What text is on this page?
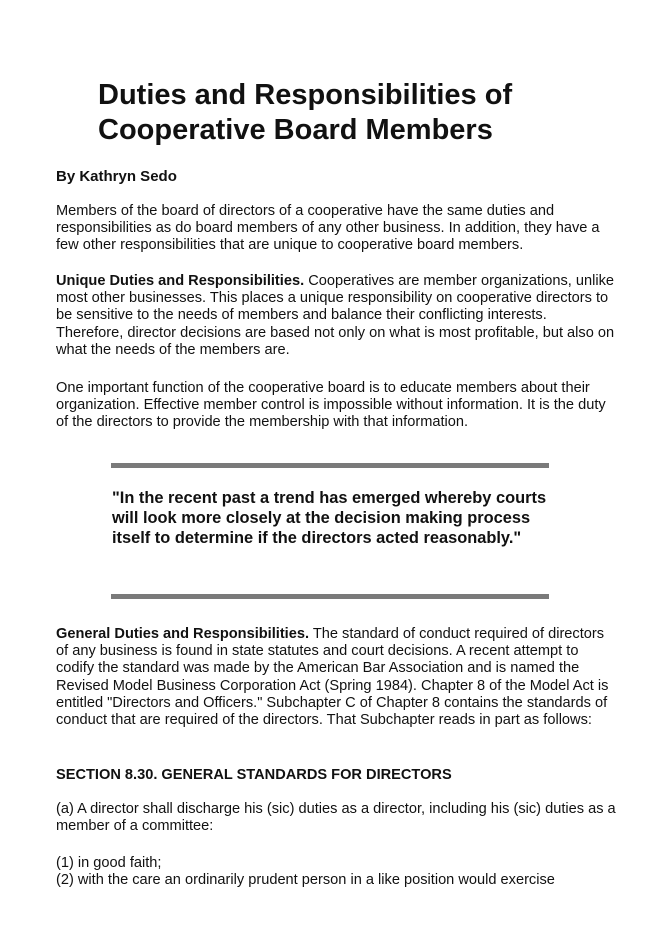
Duties and Responsibilities of Cooperative Board Members

By Kathryn Sedo

Members of the board of directors of a cooperative have the same duties and responsibilities as do board members of any other business. In addition, they have a few other responsibilities that are unique to cooperative board members.

Unique Duties and Responsibilities. Cooperatives are member organizations, unlike most other businesses. This places a unique responsibility on cooperative directors to be sensitive to the needs of members and balance their conflicting interests. Therefore, director decisions are based not only on what is most profitable, but also on what the needs of the members are.

One important function of the cooperative board is to educate members about their organization. Effective member control is impossible without information. It is the duty of the directors to provide the membership with that information.

"In the recent past a trend has emerged whereby courts will look more closely at the decision making process itself to determine if the directors acted reasonably."

General Duties and Responsibilities. The standard of conduct required of directors of any business is found in state statutes and court decisions. A recent attempt to codify the standard was made by the American Bar Association and is named the Revised Model Business Corporation Act (Spring 1984). Chapter 8 of the Model Act is entitled "Directors and Officers." Subchapter C of Chapter 8 contains the standards of conduct that are required of the directors. That Subchapter reads in part as follows:

SECTION 8.30. GENERAL STANDARDS FOR DIRECTORS

(a) A director shall discharge his (sic) duties as a director, including his (sic) duties as a member of a committee:

(1) in good faith;

(2) with the care an ordinarily prudent person in a like position would exercise
